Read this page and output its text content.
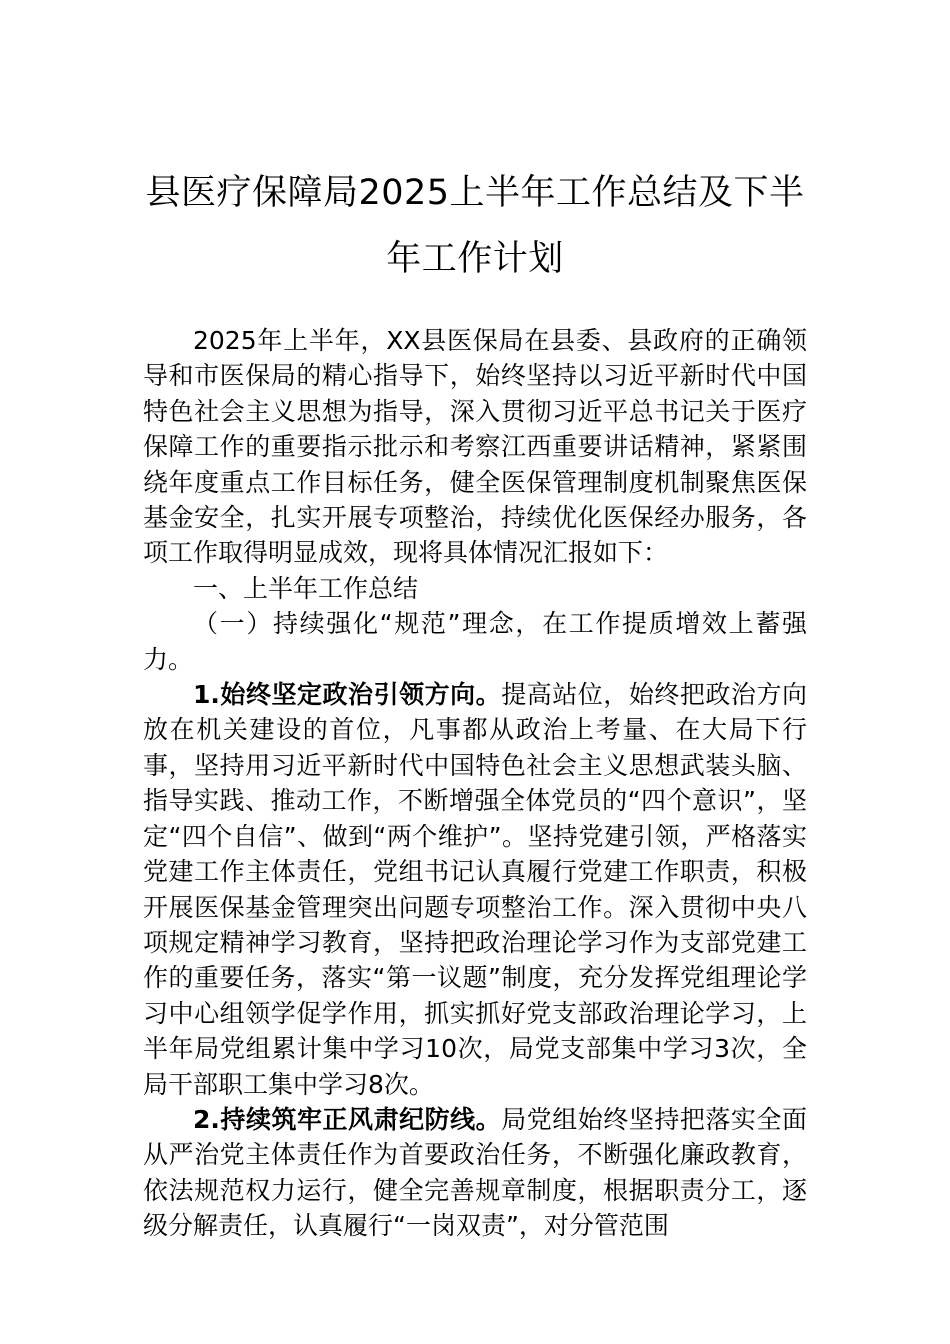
县医疗保障局2025上半年工作总结及下半年工作计划

2025年上半年，XX县医保局在县委、县政府的正确领导和市医保局的精心指导下，始终坚持以习近平新时代中国特色社会主义思想为指导，深入贯彻习近平总书记关于医疗保障工作的重要指示批示和考察江西重要讲话精神，紧紧围绕年度重点工作目标任务，健全医保管理制度机制聚焦医保基金安全，扎实开展专项整治，持续优化医保经办服务，各项工作取得明显成效，现将具体情况汇报如下：

一、上半年工作总结

（一）持续强化“规范”理念，在工作提质增效上蓄强力。

1.始终坚定政治引领方向。提高站位，始终把政治方向放在机关建设的首位，凡事都从政治上考量、在大局下行事，坚持用习近平新时代中国特色社会主义思想武装头脑、指导实践、推动工作，不断增强全体党员的“四个意识”，坚定“四个自信”、做到“两个维护”。坚持党建引领，严格落实党建工作主体责任，党组书记认真履行党建工作职责，积极开展医保基金管理突出问题专项整治工作。深入贯彻中央八项规定精神学习教育，坚持把政治理论学习作为支部党建工作的重要任务，落实“第一议题”制度，充分发挥党组理论学习中心组领学促学作用，抓实抓好党支部政治理论学习，上半年局党组累计集中学习10次，局党支部集中学习3次，全局干部职工集中学习8次。

2.持续筑牢正风肃纪防线。局党组始终坚持把落实全面从严治党主体责任作为首要政治任务，不断强化廉政教育，依法规范权力运行，健全完善规章制度，根据职责分工，逐级分解责任，认真履行“一岗双责”，对分管范围
